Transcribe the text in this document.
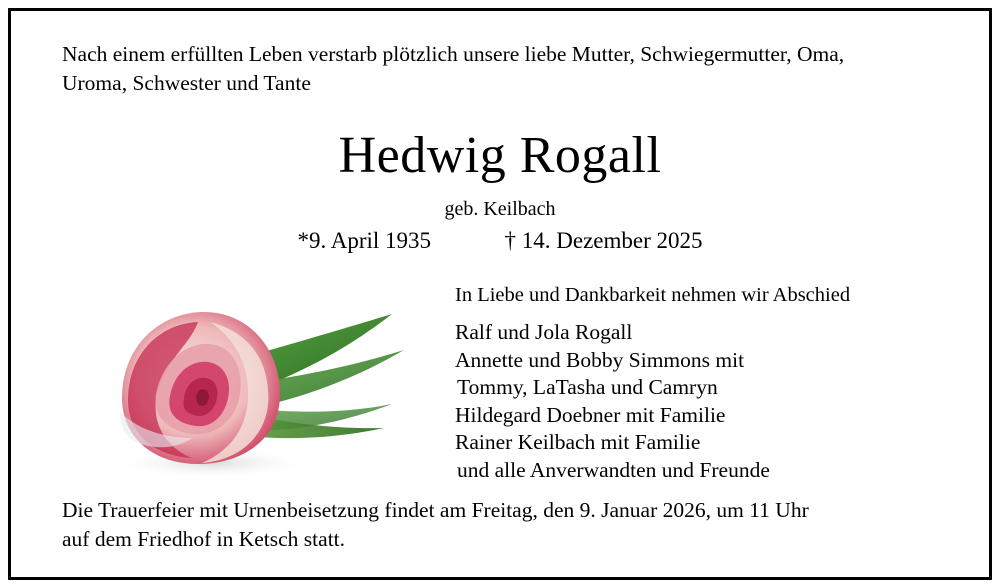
Nach einem erfüllten Leben verstarb plötzlich unsere liebe Mutter, Schwiegermutter, Oma,
Uroma, Schwester und Tante
Hedwig Rogall
geb. Keilbach
*9. April 1935	† 14. Dezember 2025
In Liebe und Dankbarkeit nehmen wir Abschied
Ralf und Jola Rogall
Annette und Bobby Simmons mit
Tommy, LaTasha und Camryn
Hildegard Doebner mit Familie
Rainer Keilbach mit Familie
und alle Anverwandten und Freunde
Die Trauerfeier mit Urnenbeisetzung findet am Freitag, den 9. Januar 2026, um 11 Uhr
auf dem Friedhof in Ketsch statt.
